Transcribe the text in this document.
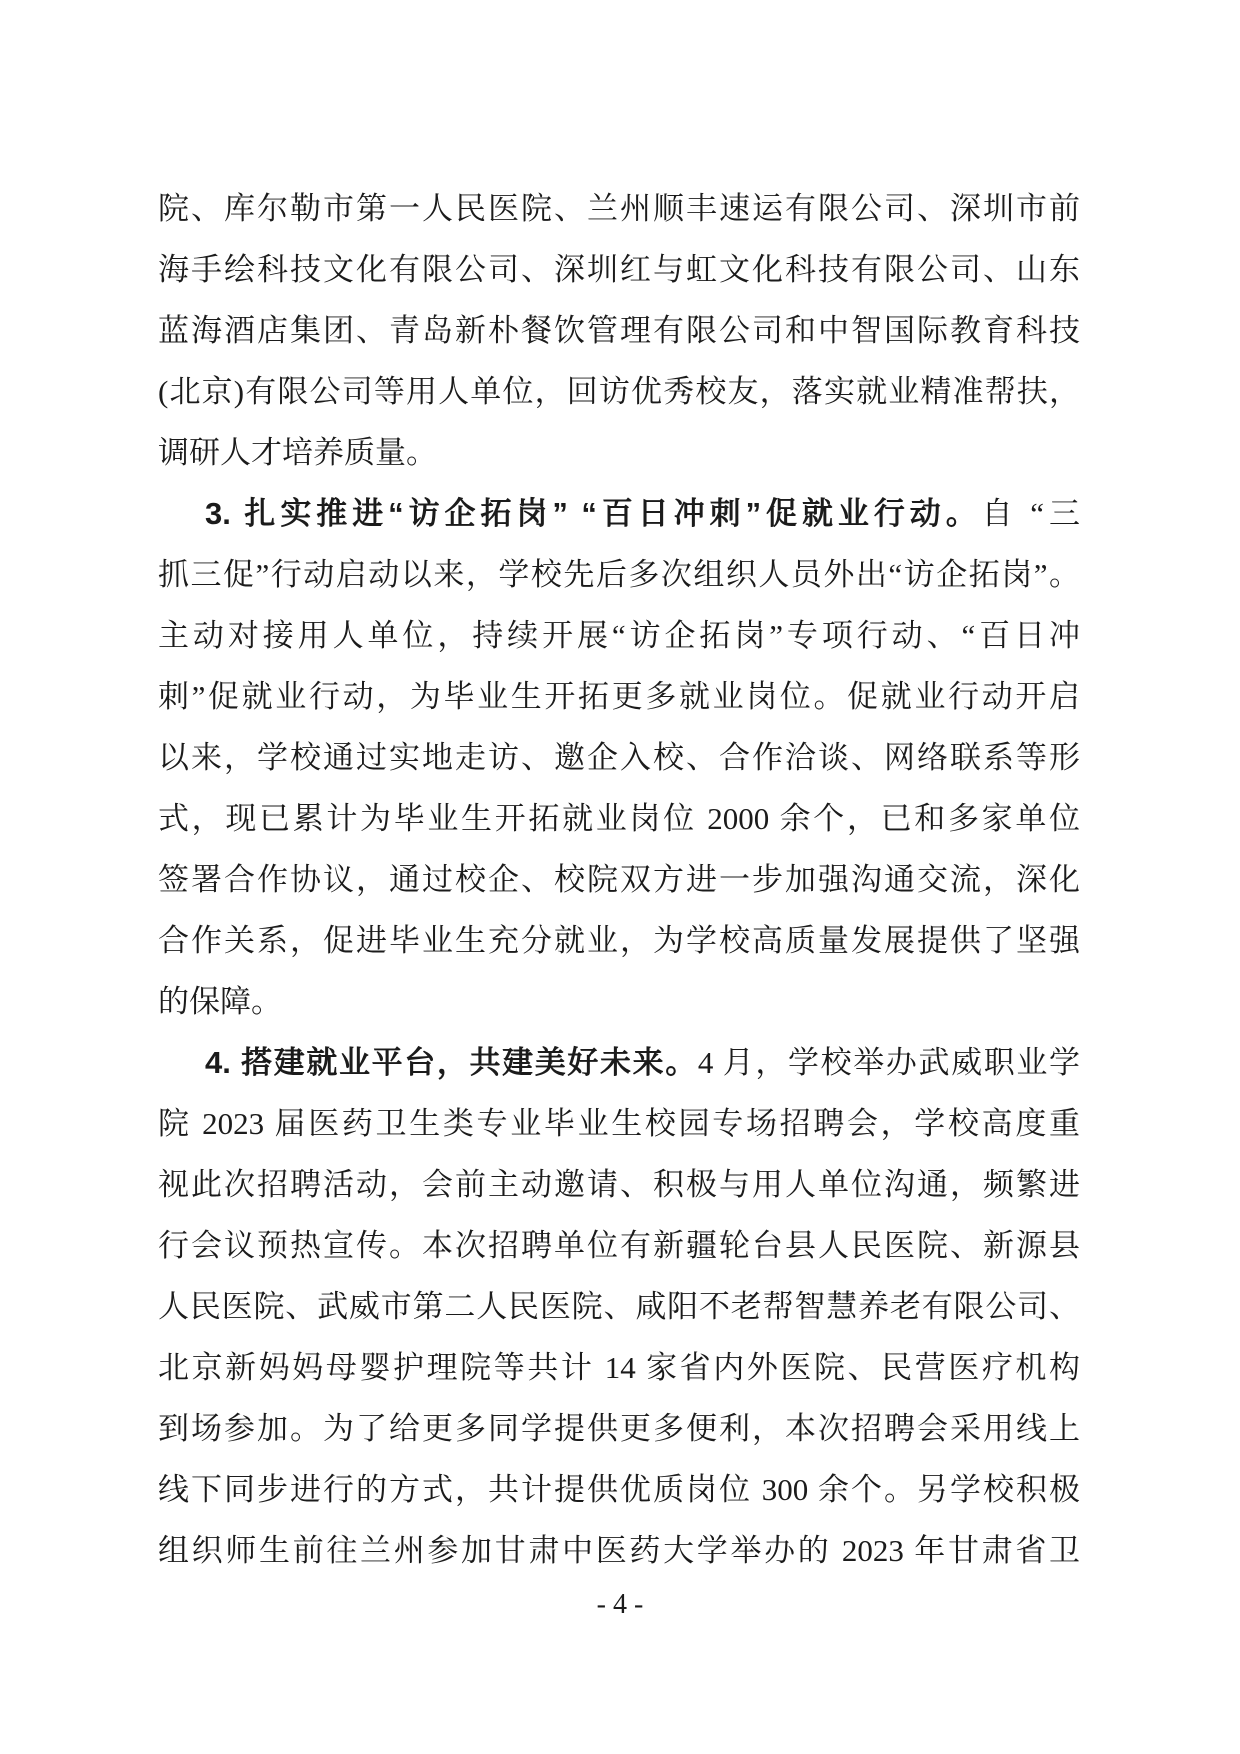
院、库尔勒市第一人民医院、兰州顺丰速运有限公司、深圳市前
海手绘科技文化有限公司、深圳红与虹文化科技有限公司、山东
蓝海酒店集团、青岛新朴餐饮管理有限公司和中智国际教育科技
(北京)有限公司等用人单位，回访优秀校友，落实就业精准帮扶，
调研人才培养质量。
3. 扎实推进“访企拓岗” “百日冲刺”促就业行动。自 “三
抓三促”行动启动以来，学校先后多次组织人员外出“访企拓岗”。
主动对接用人单位，持续开展“访企拓岗”专项行动、“百日冲
刺”促就业行动，为毕业生开拓更多就业岗位。促就业行动开启
以来，学校通过实地走访、邀企入校、合作洽谈、网络联系等形
式，现已累计为毕业生开拓就业岗位 2000 余个，已和多家单位
签署合作协议，通过校企、校院双方进一步加强沟通交流，深化
合作关系，促进毕业生充分就业，为学校高质量发展提供了坚强
的保障。
4. 搭建就业平台，共建美好未来。4 月，学校举办武威职业学
院 2023 届医药卫生类专业毕业生校园专场招聘会，学校高度重
视此次招聘活动，会前主动邀请、积极与用人单位沟通，频繁进
行会议预热宣传。本次招聘单位有新疆轮台县人民医院、新源县
人民医院、武威市第二人民医院、咸阳不老帮智慧养老有限公司、
北京新妈妈母婴护理院等共计 14 家省内外医院、民营医疗机构
到场参加。为了给更多同学提供更多便利，本次招聘会采用线上
线下同步进行的方式，共计提供优质岗位 300 余个。另学校积极
组织师生前往兰州参加甘肃中医药大学举办的 2023 年甘肃省卫
- 4 -
